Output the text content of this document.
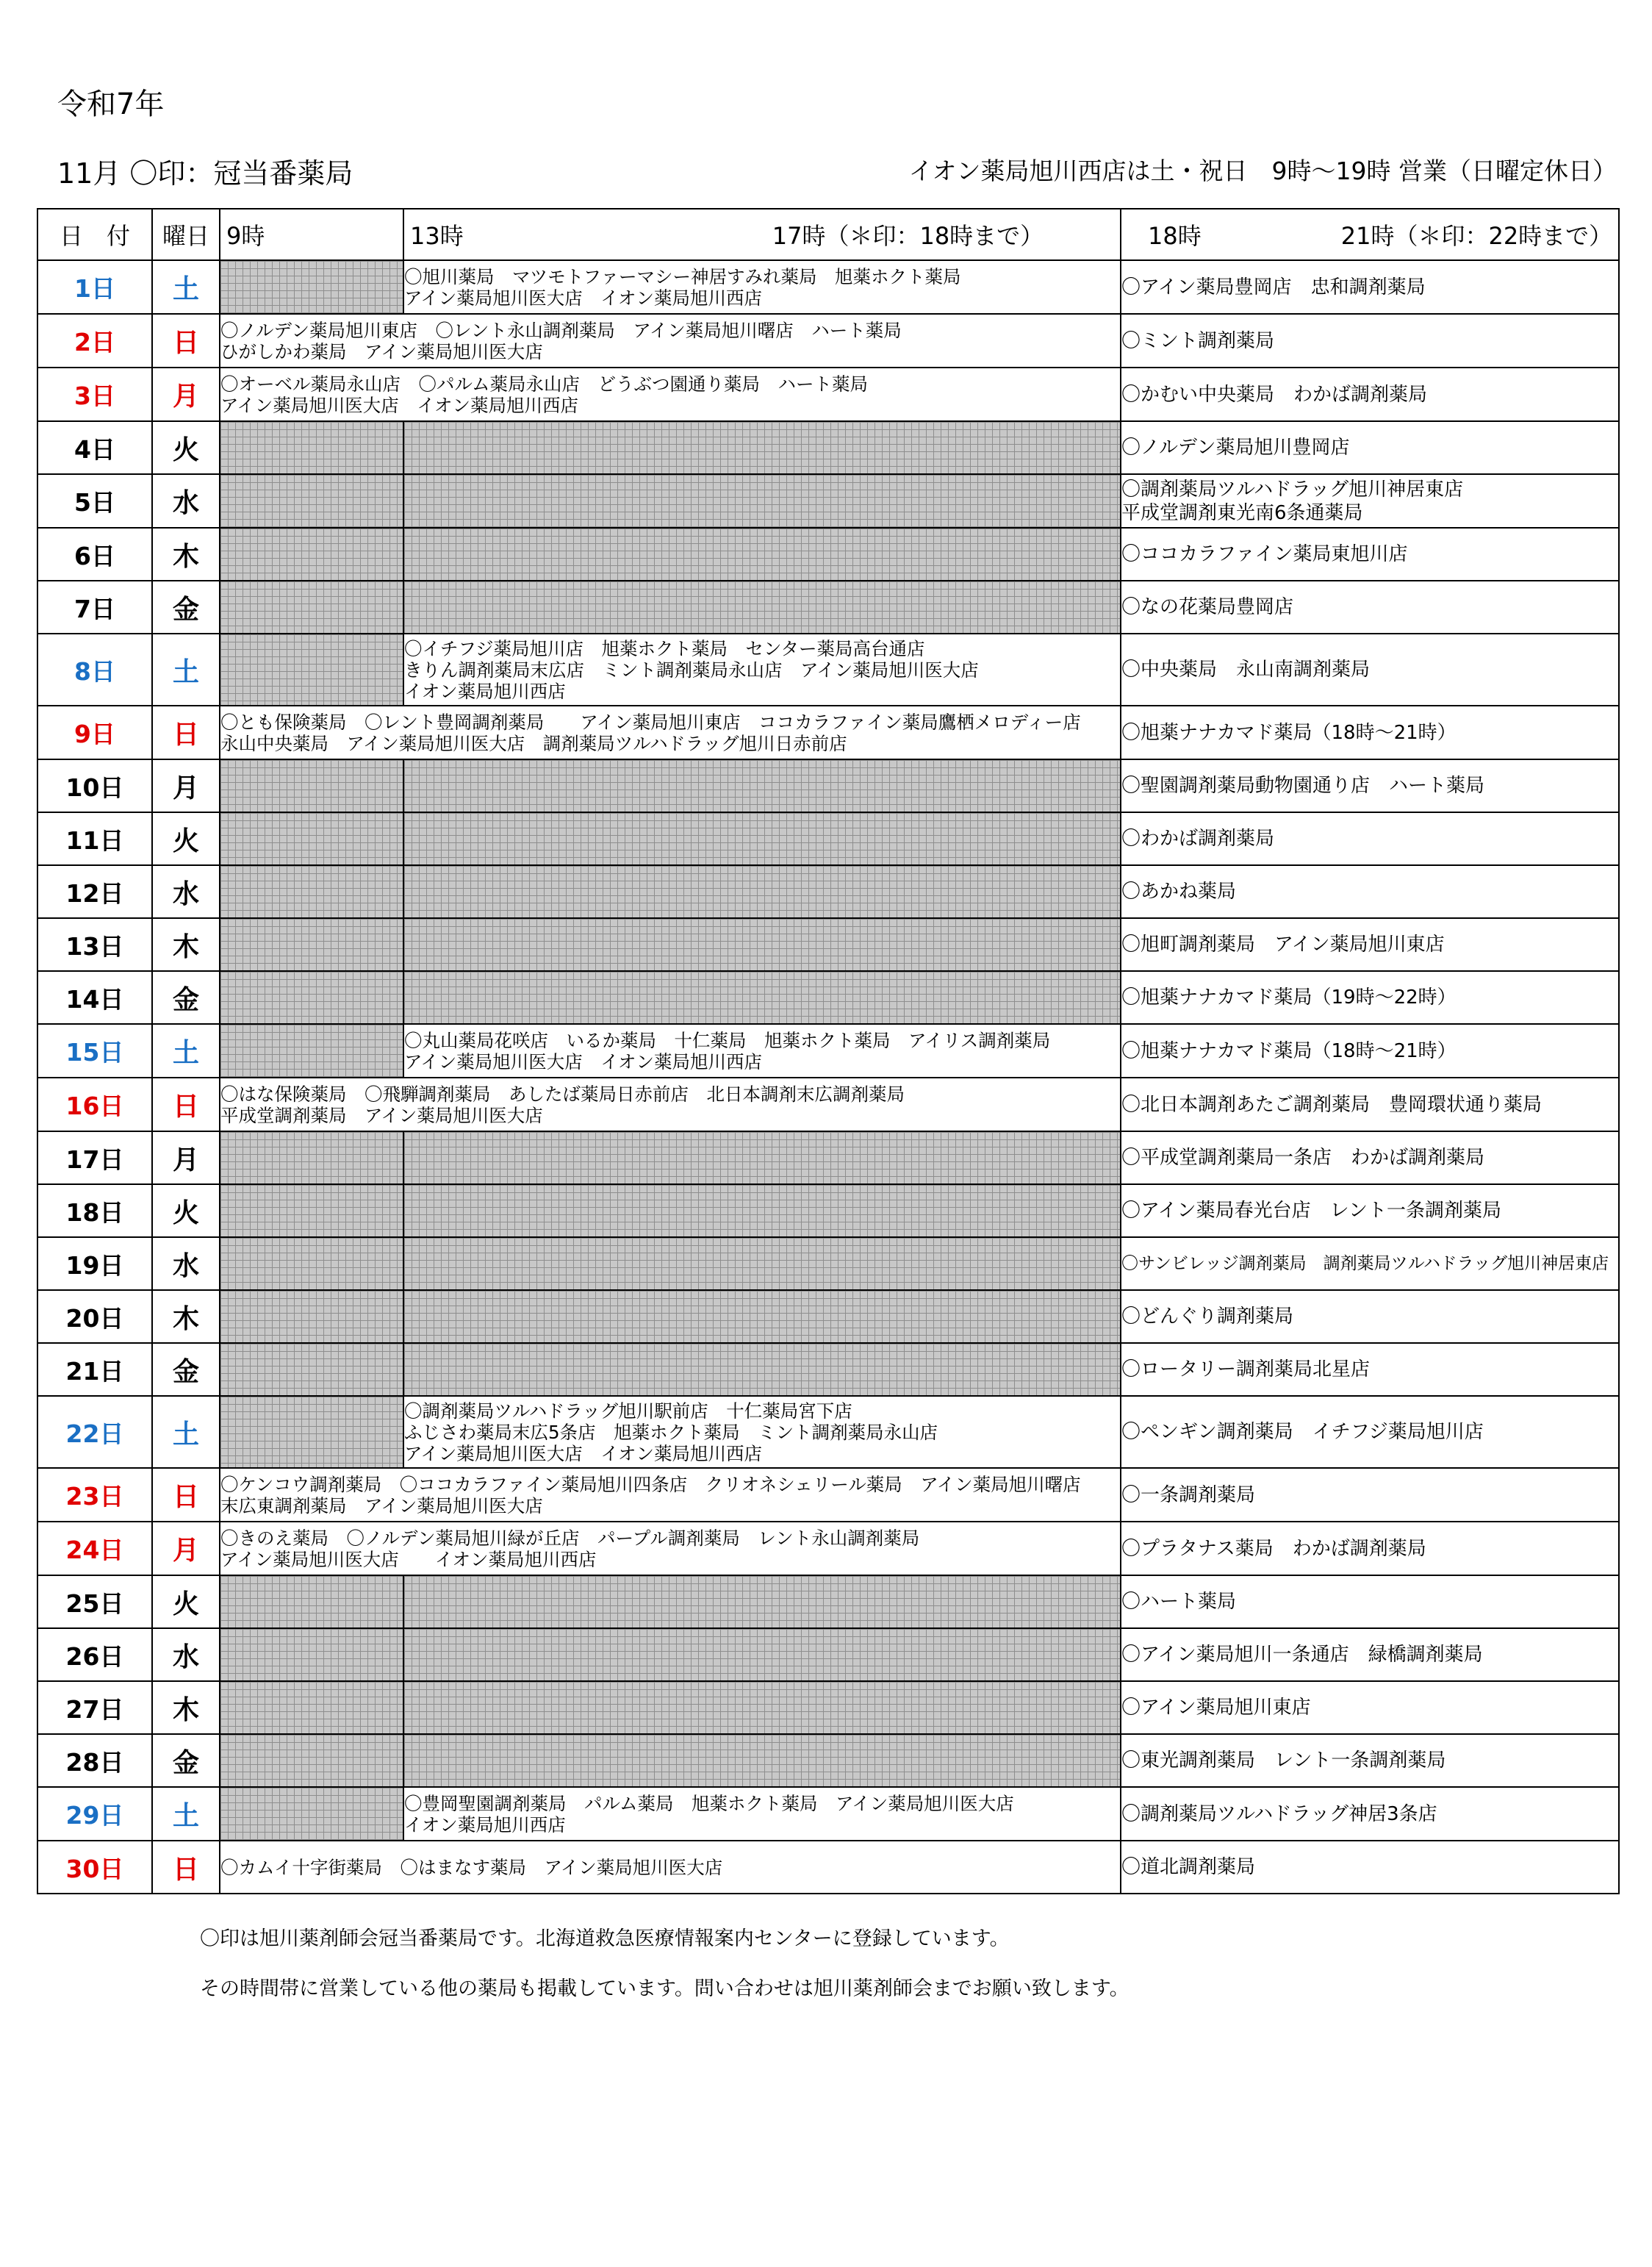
令和7年
11月 〇印：冠当番薬局	イオン薬局旭川西店は土・祝日　9時～19時 営業（日曜定休日）
日　付	曜日	9時	13時 17時（＊印：18時まで）	18時 21時（＊印：22時まで）
1日	土		〇旭川薬局　マツモトファーマシー神居すみれ薬局　旭薬ホクト薬局
アイン薬局旭川医大店　イオン薬局旭川西店	〇アイン薬局豊岡店　忠和調剤薬局

2日	日	〇ノルデン薬局旭川東店　〇レント永山調剤薬局　アイン薬局旭川曙店　ハート薬局
ひがしかわ薬局　アイン薬局旭川医大店		〇ミント調剤薬局

3日	月	〇オーベル薬局永山店　〇パルム薬局永山店　どうぶつ園通り薬局　ハート薬局
アイン薬局旭川医大店　イオン薬局旭川西店		〇かむい中央薬局　わかば調剤薬局

4日	火			〇ノルデン薬局旭川豊岡店

5日	水			〇調剤薬局ツルハドラッグ旭川神居東店
平成堂調剤東光南6条通薬局

6日	木			〇ココカラファイン薬局東旭川店

7日	金			〇なの花薬局豊岡店

8日	土		〇イチフジ薬局旭川店　旭薬ホクト薬局　センター薬局高台通店
きりん調剤薬局末広店　ミント調剤薬局永山店　アイン薬局旭川医大店
イオン薬局旭川西店	〇中央薬局　永山南調剤薬局

9日	日	〇とも保険薬局　〇レント豊岡調剤薬局　　アイン薬局旭川東店　ココカラファイン薬局鷹栖メロディー店
永山中央薬局　アイン薬局旭川医大店　調剤薬局ツルハドラッグ旭川日赤前店		〇旭薬ナナカマド薬局（18時～21時）

10日	月			〇聖園調剤薬局動物園通り店　ハート薬局

11日	火			〇わかば調剤薬局

12日	水			〇あかね薬局

13日	木			〇旭町調剤薬局　アイン薬局旭川東店

14日	金			〇旭薬ナナカマド薬局（19時～22時）

15日	土		〇丸山薬局花咲店　いるか薬局　十仁薬局　旭薬ホクト薬局　アイリス調剤薬局
アイン薬局旭川医大店　イオン薬局旭川西店	〇旭薬ナナカマド薬局（18時～21時）

16日	日	〇はな保険薬局　〇飛騨調剤薬局　あしたば薬局日赤前店　北日本調剤末広調剤薬局
平成堂調剤薬局　アイン薬局旭川医大店		〇北日本調剤あたご調剤薬局　豊岡環状通り薬局

17日	月			〇平成堂調剤薬局一条店　わかば調剤薬局

18日	火			〇アイン薬局春光台店　レント一条調剤薬局

19日	水			〇サンビレッジ調剤薬局　調剤薬局ツルハドラッグ旭川神居東店

20日	木			〇どんぐり調剤薬局

21日	金			〇ロータリー調剤薬局北星店

22日	土		〇調剤薬局ツルハドラッグ旭川駅前店　十仁薬局宮下店
ふじさわ薬局末広5条店　旭薬ホクト薬局　ミント調剤薬局永山店
アイン薬局旭川医大店　イオン薬局旭川西店	〇ペンギン調剤薬局　イチフジ薬局旭川店

23日	日	〇ケンコウ調剤薬局　〇ココカラファイン薬局旭川四条店　クリオネシェリール薬局　アイン薬局旭川曙店
末広東調剤薬局　アイン薬局旭川医大店		〇一条調剤薬局

24日	月	〇きのえ薬局　〇ノルデン薬局旭川緑が丘店　パープル調剤薬局　レント永山調剤薬局
アイン薬局旭川医大店　　イオン薬局旭川西店		〇プラタナス薬局　わかば調剤薬局

25日	火			〇ハート薬局

26日	水			〇アイン薬局旭川一条通店　緑橋調剤薬局

27日	木			〇アイン薬局旭川東店

28日	金			〇東光調剤薬局　レント一条調剤薬局

29日	土		〇豊岡聖園調剤薬局　パルム薬局　旭薬ホクト薬局　アイン薬局旭川医大店
イオン薬局旭川西店	〇調剤薬局ツルハドラッグ神居3条店

30日	日	〇カムイ十字街薬局　〇はまなす薬局　アイン薬局旭川医大店		〇道北調剤薬局
〇印は旭川薬剤師会冠当番薬局です。北海道救急医療情報案内センターに登録しています。
その時間帯に営業している他の薬局も掲載しています。問い合わせは旭川薬剤師会までお願い致します。
